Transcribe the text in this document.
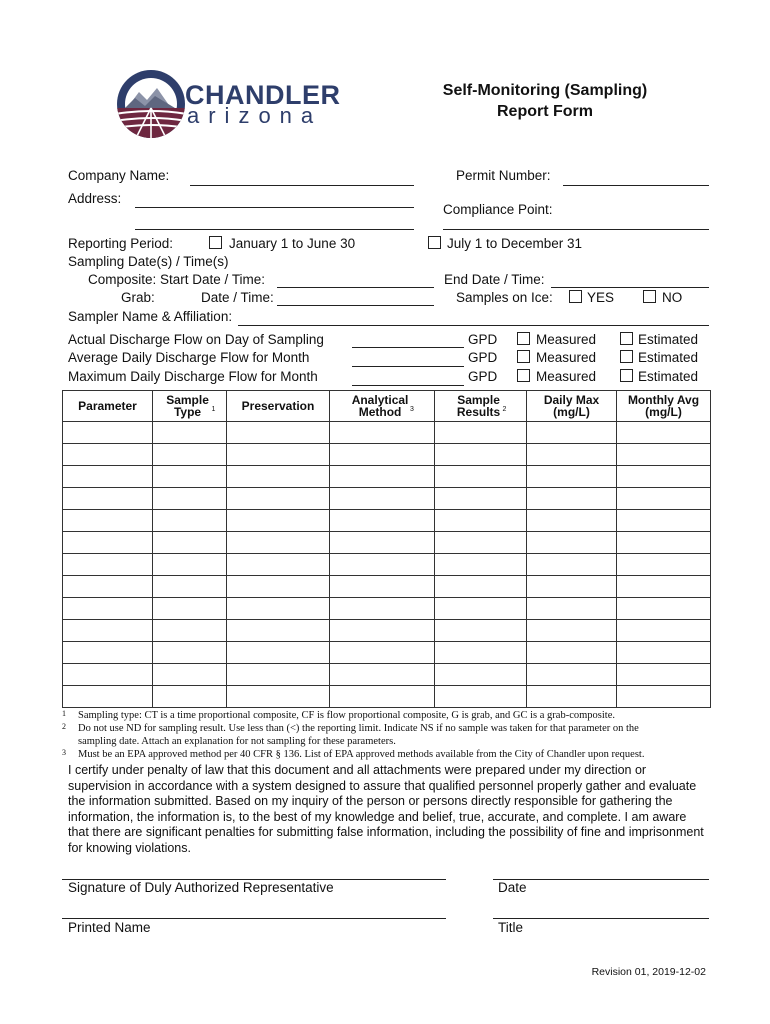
CHANDLER
arizona
Self-Monitoring (Sampling)
Report Form
Company Name:	Permit Number:
Address:
Compliance Point:
Reporting Period:	January 1 to June 30	July 1 to December 31
Sampling Date(s) / Time(s)
Composite: Start Date / Time:	End Date / Time:
Grab:	Date / Time:	Samples on Ice:	YES	NO
Sampler Name & Affiliation:
Actual Discharge Flow on Day of Sampling	GPD	Measured	Estimated
Average Daily Discharge Flow for Month	GPD	Measured	Estimated
Maximum Daily Discharge Flow for Month	GPD	Measured	Estimated
Parameter	Sample Type $^1$	Preservation	Analytical Method $^3$	Sample Results $^2$	Daily Max (mg/L)	Monthly Avg (mg/L)

1 Sampling type: CT is a time proportional composite, CF is flow proportional composite, G is grab, and GC is a grab-composite.
2 Do not use ND for sampling result. Use less than (<) the reporting limit. Indicate NS if no sample was taken for that parameter on the
sampling date. Attach an explanation for not sampling for these parameters.
3 Must be an EPA approved method per 40 CFR § 136. List of EPA approved methods available from the City of Chandler upon request.
I certify under penalty of law that this document and all attachments were prepared under my direction or supervision in accordance with a system designed to assure that qualified personnel properly gather and evaluate the information submitted. Based on my inquiry of the person or persons directly responsible for gathering the information, the information is, to the best of my knowledge and belief, true, accurate, and complete. I am aware that there are significant penalties for submitting false information, including the possibility of fine and imprisonment for knowing violations.
Signature of Duly Authorized Representative	Date
Printed Name	Title
Revision 01, 2019-12-02
